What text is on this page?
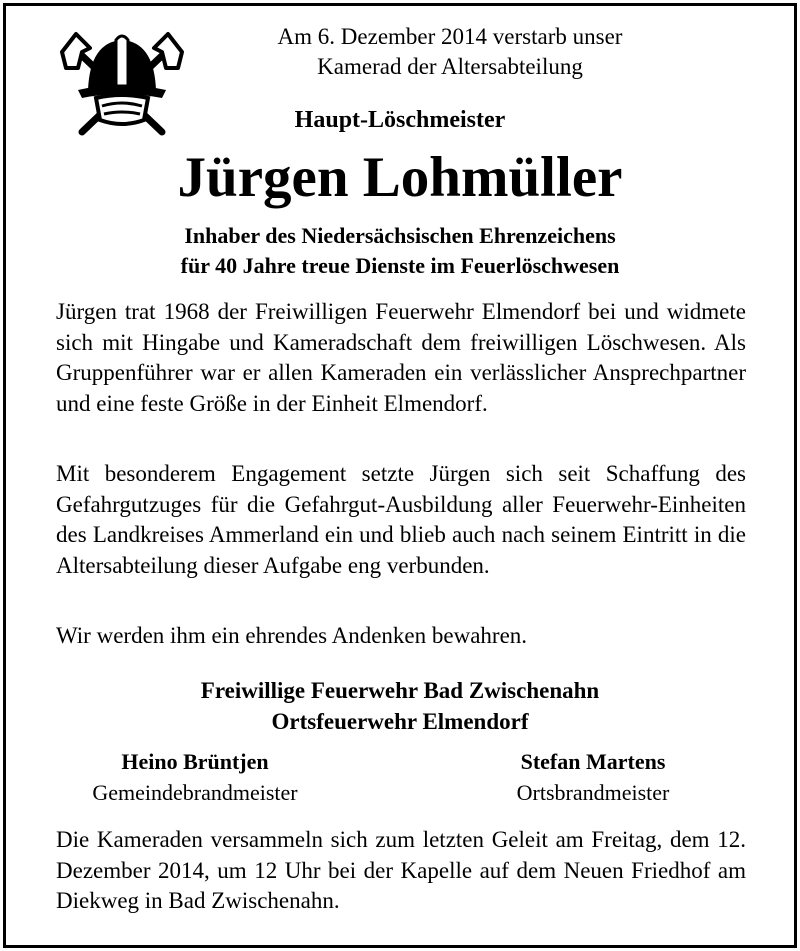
Am 6. Dezember 2014 verstarb unser
Kamerad der Altersabteilung
Haupt-Löschmeister
Jürgen Lohmüller
Inhaber des Niedersächsischen Ehrenzeichens
für 40 Jahre treue Dienste im Feuerlöschwesen
Jürgen trat 1968 der Freiwilligen Feuerwehr Elmendorf bei und widmete sich mit Hingabe und Kameradschaft dem freiwilligen Löschwesen. Als Gruppenführer war er allen Kameraden ein verlässlicher Ansprechpartner und eine feste Größe in der Einheit Elmendorf.
Mit besonderem Engagement setzte Jürgen sich seit Schaffung des Gefahrgutzuges für die Gefahrgut-Ausbildung aller Feuerwehr-Einheiten des Landkreises Ammerland ein und blieb auch nach seinem Eintritt in die Altersabteilung dieser Aufgabe eng verbunden.
Wir werden ihm ein ehrendes Andenken bewahren.
Freiwillige Feuerwehr Bad Zwischenahn
Ortsfeuerwehr Elmendorf
Heino Brüntjen
Gemeindebrandmeister
Stefan Martens
Ortsbrandmeister
Die Kameraden versammeln sich zum letzten Geleit am Freitag, dem 12. Dezember 2014, um 12 Uhr bei der Kapelle auf dem Neuen Friedhof am Diekweg in Bad Zwischenahn.
